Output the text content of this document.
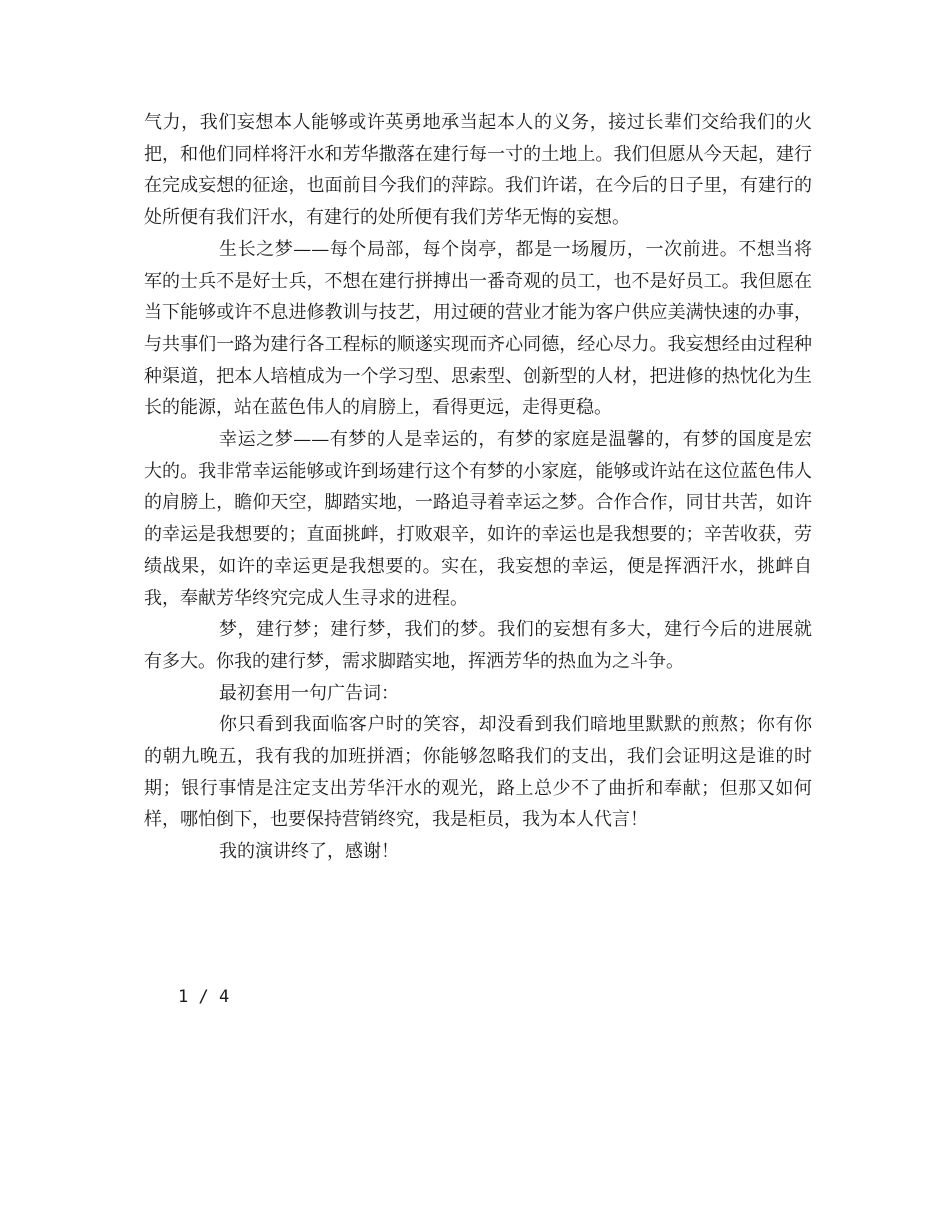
气力，我们妄想本人能够或许英勇地承当起本人的义务，接过长辈们交给我们的火把，和他们同样将汗水和芳华撒落在建行每一寸的土地上。我们但愿从今天起，建行在完成妄想的征途，也面前目今我们的萍踪。我们许诺，在今后的日子里，有建行的处所便有我们汗水，有建行的处所便有我们芳华无悔的妄想。

生长之梦——每个局部，每个岗亭，都是一场履历，一次前进。不想当将军的士兵不是好士兵，不想在建行拼搏出一番奇观的员工，也不是好员工。我但愿在当下能够或许不息进修教训与技艺，用过硬的营业才能为客户供应美满快速的办事，与共事们一路为建行各工程标的顺遂实现而齐心同德，经心尽力。我妄想经由过程种种渠道，把本人培植成为一个学习型、思索型、创新型的人材，把进修的热忱化为生长的能源，站在蓝色伟人的肩膀上，看得更远，走得更稳。

幸运之梦——有梦的人是幸运的，有梦的家庭是温馨的，有梦的国度是宏大的。我非常幸运能够或许到场建行这个有梦的小家庭，能够或许站在这位蓝色伟人的肩膀上，瞻仰天空，脚踏实地，一路追寻着幸运之梦。合作合作，同甘共苦，如许的幸运是我想要的；直面挑衅，打败艰辛，如许的幸运也是我想要的；辛苦收获，劳绩战果，如许的幸运更是我想要的。实在，我妄想的幸运，便是挥洒汗水，挑衅自我，奉献芳华终究完成人生寻求的进程。

梦，建行梦；建行梦，我们的梦。我们的妄想有多大，建行今后的进展就有多大。你我的建行梦，需求脚踏实地，挥洒芳华的热血为之斗争。

最初套用一句广告词：

你只看到我面临客户时的笑容，却没看到我们暗地里默默的煎熬；你有你的朝九晚五，我有我的加班拼酒；你能够忽略我们的支出，我们会证明这是谁的时期；银行事情是注定支出芳华汗水的观光，路上总少不了曲折和奉献；但那又如何样，哪怕倒下，也要保持营销终究，我是柜员，我为本人代言！

我的演讲终了，感谢！

1 / 4
